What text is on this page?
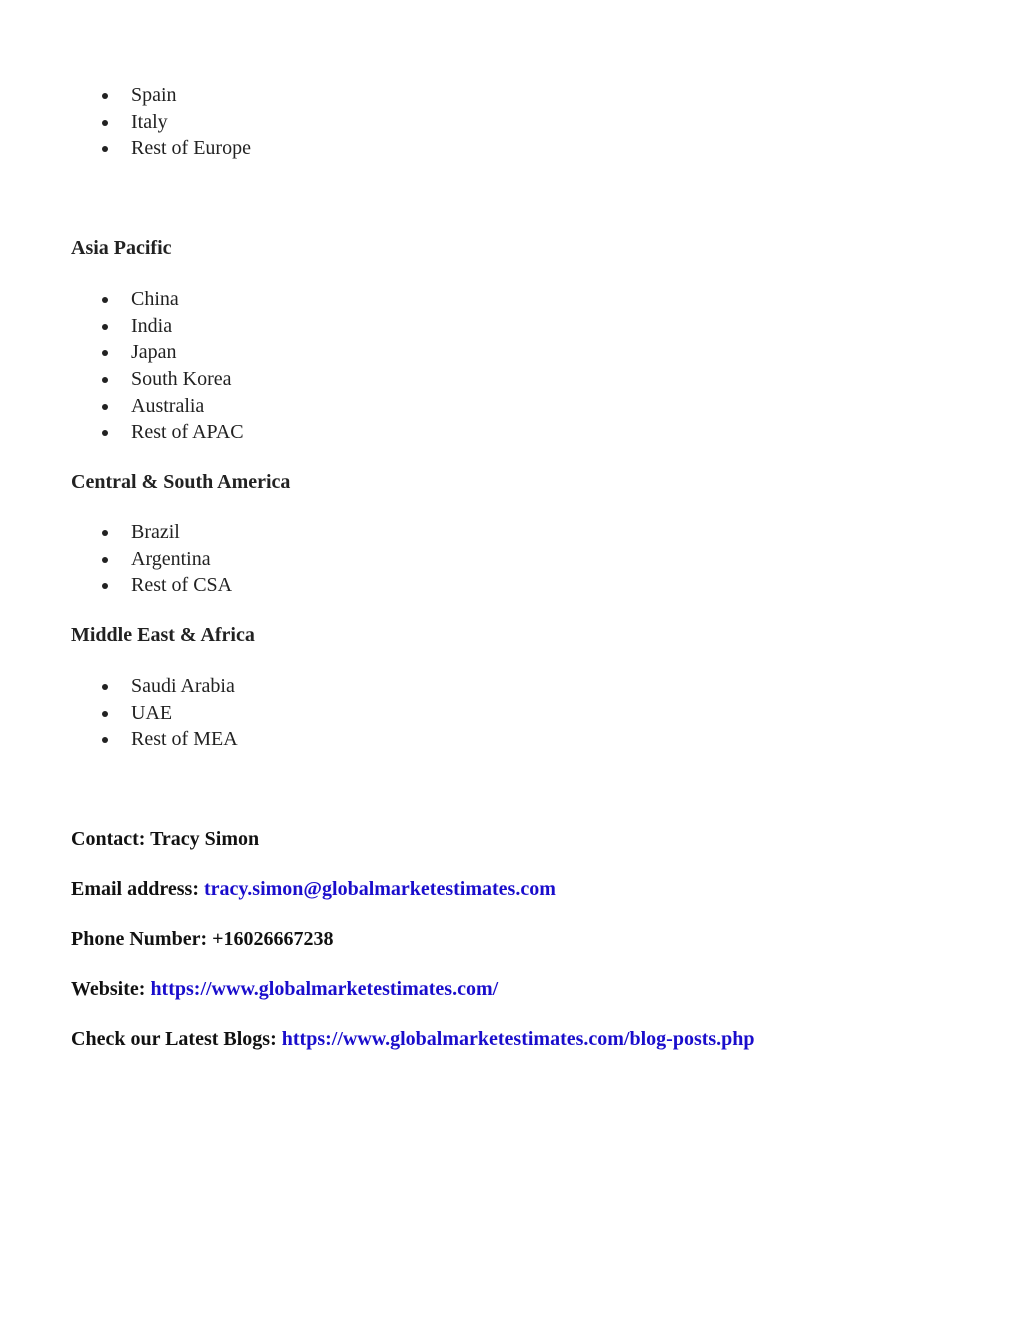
Spain
Italy
Rest of Europe
Asia Pacific
China
India
Japan
South Korea
Australia
Rest of APAC
Central & South America
Brazil
Argentina
Rest of CSA
Middle East & Africa
Saudi Arabia
UAE
Rest of MEA

Contact: Tracy Simon

Email address: tracy.simon@globalmarketestimates.com

Phone Number: +16026667238

Website: https://www.globalmarketestimates.com/

Check our Latest Blogs: https://www.globalmarketestimates.com/blog-posts.php
